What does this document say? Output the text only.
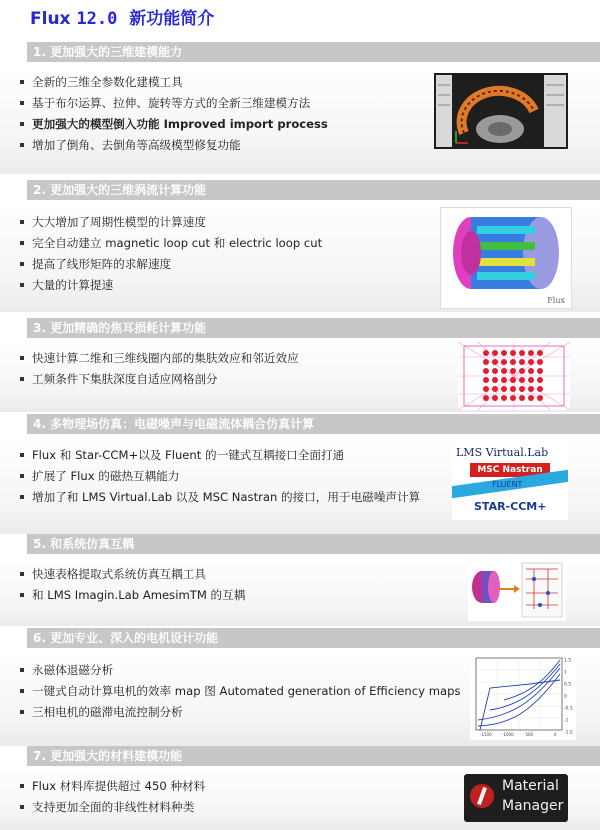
Flux 12.0 新功能简介
1. 更加强大的三维建模能力
全新的三维全参数化建模工具
基于布尔运算、拉伸、旋转等方式的全新三维建模方法
更加强大的模型倒入功能 Improved import process
增加了倒角、去倒角等高级模型修复功能
2. 更加强大的三维涡流计算功能
大大增加了周期性模型的计算速度
完全自动建立 magnetic loop cut 和 electric loop cut
提高了线形矩阵的求解速度
大量的计算提速
Flux
3. 更加精确的焦耳损耗计算功能
快速计算二维和三维线圈内部的集肤效应和邻近效应
工频条件下集肤深度自适应网格剖分
4. 多物理场仿真：电磁噪声与电磁流体耦合仿真计算
Flux 和 Star-CCM+以及 Fluent 的一键式互耦接口全面打通
扩展了 Flux 的磁热互耦能力
增加了和 LMS Virtual.Lab 以及 MSC Nastran 的接口，用于电磁噪声计算
LMS Virtual.Lab
MSC Nastran
FLUENT
STAR-CCM+
5. 和系统仿真互耦
快速表格提取式系统仿真互耦工具
和 LMS Imagin.Lab AmesimTM 的互耦
6. 更加专业、深入的电机设计功能
永磁体退磁分析
一键式自动计算电机的效率 map 图 Automated generation of Efficiency maps
三相电机的磁滞电流控制分析
1.5
1
0.5
0
-0.5
-1
-1.5
-1500	-1000	-500	0
7. 更加强大的材料建模功能
Flux 材料库提供超过 450 种材料
支持更加全面的非线性材料种类
Material
Manager
